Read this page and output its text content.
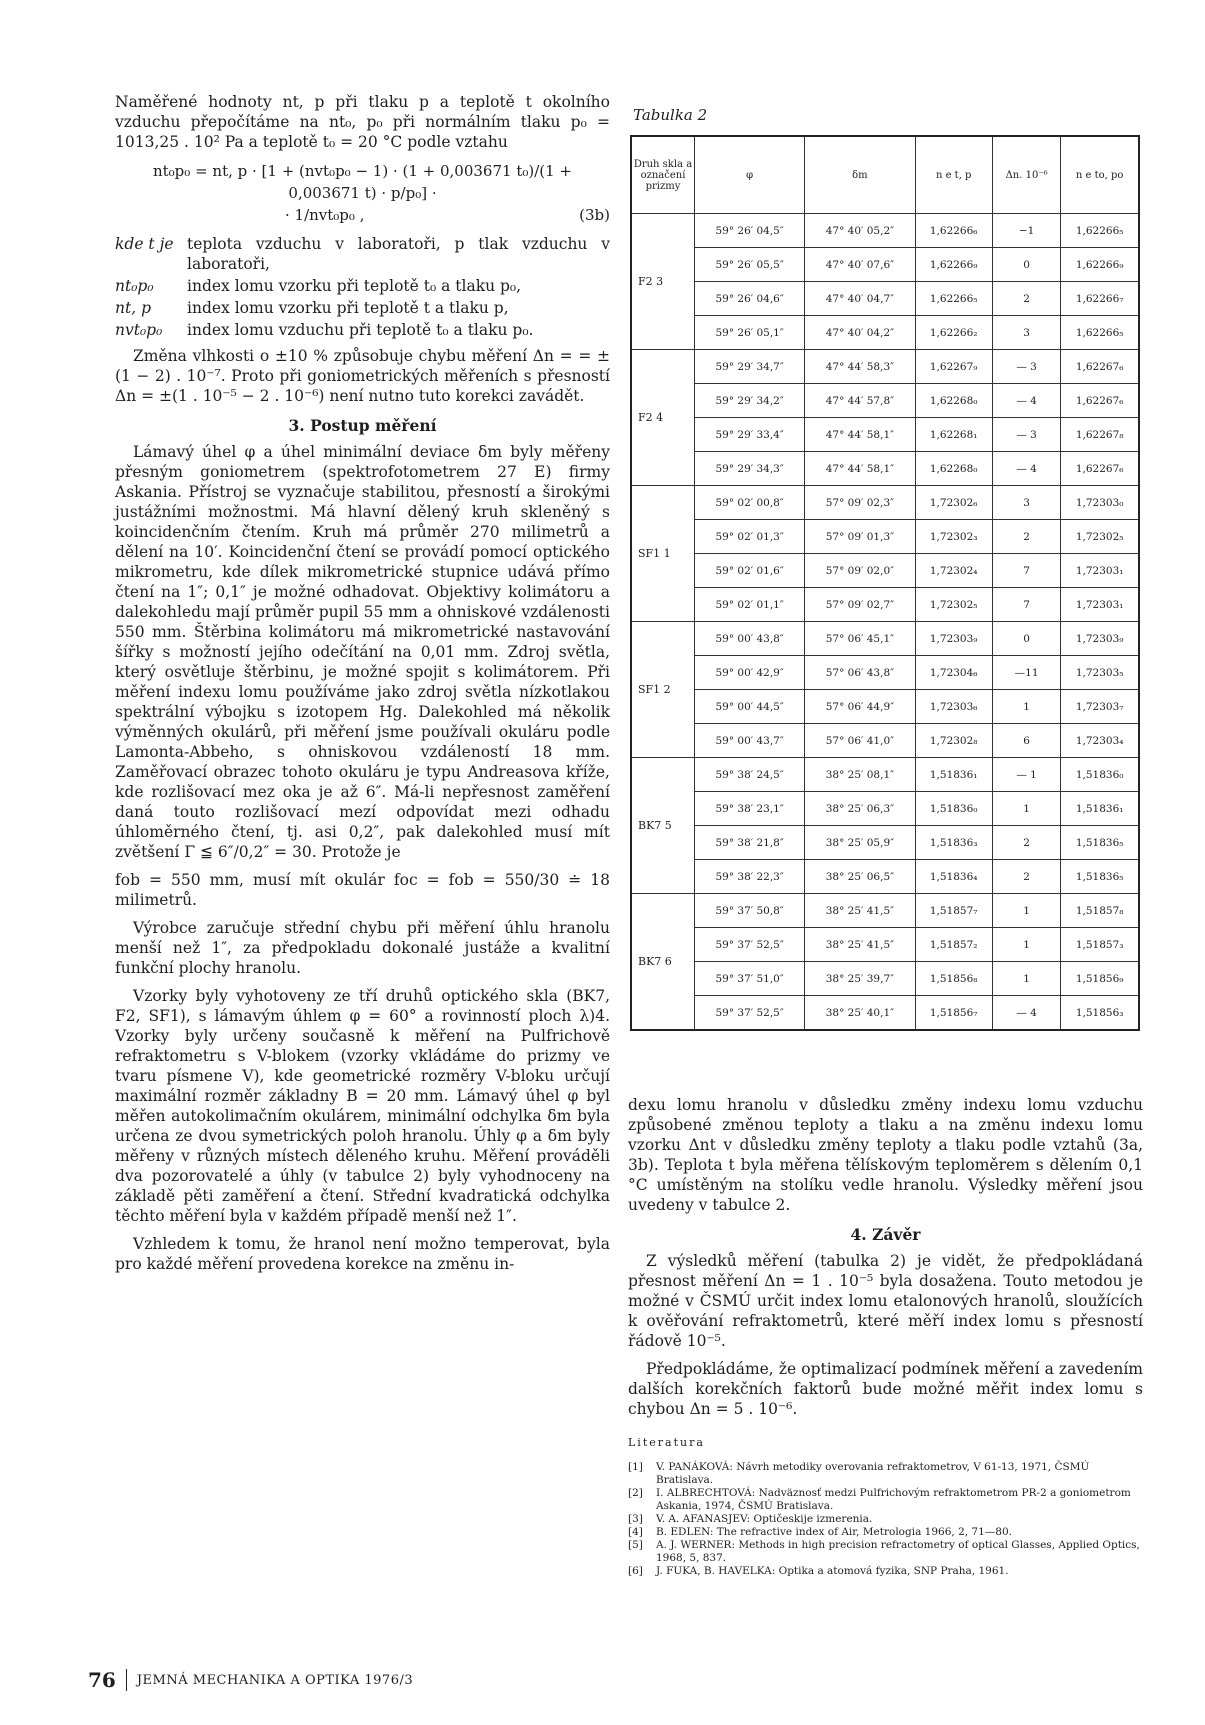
Naměřené hodnoty nt, p při tlaku p a teplotě t okolního vzduchu přepočítáme na nt₀, p₀ při normálním tlaku p₀ = 1013,25 . 10² Pa a teplotě t₀ = 20 °C podle vztahu

nt₀p₀ = nt, p · [1 + (nvt₀p₀ − 1) · (1 + 0,003671 t₀)/(1 + 0,003671 t) · p/p₀] ·
· 1/nvt₀p₀ ,	(3b)
kde t je teplota vzduchu v laboratoři, p tlak vzduchu v laboratoři,
nt₀p₀	index lomu vzorku při teplotě t₀ a tlaku p₀,
nt, p	index lomu vzorku při teplotě t a tlaku p,
nvt₀p₀	index lomu vzduchu při teplotě t₀ a tlaku p₀.

Změna vlhkosti o ±10 % způsobuje chybu měření Δn = = ±(1 − 2) . 10⁻⁷. Proto při goniometrických měřeních s přesností Δn = ±(1 . 10⁻⁵ − 2 . 10⁻⁶) není nutno tuto korekci zavádět.

3. Postup měření

Lámavý úhel φ a úhel minimální deviace δm byly měřeny přesným goniometrem (spektrofotometrem 27 E) firmy Askania. Přístroj se vyznačuje stabilitou, přesností a širokými justážními možnostmi. Má hlavní dělený kruh skleněný s koincidenčním čtením. Kruh má průměr 270 milimetrů a dělení na 10′. Koincidenční čtení se provádí pomocí optického mikrometru, kde dílek mikrometrické stupnice udává přímo čtení na 1″; 0,1″ je možné odhadovat. Objektivy kolimátoru a dalekohledu mají průměr pupil 55 mm a ohniskové vzdálenosti 550 mm. Štěrbina kolimátoru má mikrometrické nastavování šířky s možností jejího odečítání na 0,01 mm. Zdroj světla, který osvětluje štěrbinu, je možné spojit s kolimátorem. Při měření indexu lomu používáme jako zdroj světla nízkotlakou spektrální výbojku s izotopem Hg. Dalekohled má několik výměnných okulárů, při měření jsme používali okuláru podle Lamonta-Abbeho, s ohniskovou vzdáleností 18 mm. Zaměřovací obrazec tohoto okuláru je typu Andreasova kříže, kde rozlišovací mez oka je až 6″. Má-li nepřesnost zaměření daná touto rozlišovací mezí odpovídat mezi odhadu úhloměrného čtení, tj. asi 0,2″, pak dalekohled musí mít zvětšení Γ ≦ 6″/0,2″ = 30. Protože je

fob = 550 mm, musí mít okulár foc = fob = 550/30 ≐ 18 milimetrů.

Výrobce zaručuje střední chybu při měření úhlu hranolu menší než 1″, za předpokladu dokonalé justáže a kvalitní funkční plochy hranolu.

Vzorky byly vyhotoveny ze tří druhů optického skla (BK7, F2, SF1), s lámavým úhlem φ = 60° a rovinností ploch λ)4. Vzorky byly určeny současně k měření na Pulfrichově refraktometru s V-blokem (vzorky vkládáme do prizmy ve tvaru písmene V), kde geometrické rozměry V-bloku určují maximální rozměr základny B = 20 mm. Lámavý úhel φ byl měřen autokolimačním okulárem, minimální odchylka δm byla určena ze dvou symetrických poloh hranolu. Úhly φ a δm byly měřeny v různých místech děleného kruhu. Měření prováděli dva pozorovatelé a úhly (v tabulce 2) byly vyhodnoceny na základě pěti zaměření a čtení. Střední kvadratická odchylka těchto měření byla v každém případě menší než 1″.

Vzhledem k tomu, že hranol není možno temperovat, byla pro každé měření provedena korekce na změnu in-

Tabulka 2
Druh skla a označení prizmy	φ	δm	n e t, p	Δn. 10⁻⁶	n e to, po
F2 3	59° 26′ 04,5″	47° 40′ 05,2″	1,62266₆	−1	1,62266₅
	59° 26′ 05,5″	47° 40′ 07,6″	1,62266₉	0	1,62266₉
	59° 26′ 04,6″	47° 40′ 04,7″	1,62266₅	2	1,62266₇
	59° 26′ 05,1″	47° 40′ 04,2″	1,62266₂	3	1,62266₅
F2 4	59° 29′ 34,7″	47° 44′ 58,3″	1,62267₉	— 3	1,62267₆
	59° 29′ 34,2″	47° 44′ 57,8″	1,62268₀	— 4	1,62267₆
	59° 29′ 33,4″	47° 44′ 58,1″	1,62268₁	— 3	1,62267₈
	59° 29′ 34,3″	47° 44′ 58,1″	1,62268₀	— 4	1,62267₆
SF1 1	59° 02′ 00,8″	57° 09′ 02,3″	1,72302₆	3	1,72303₀
	59° 02′ 01,3″	57° 09′ 01,3″	1,72302₃	2	1,72302₅
	59° 02′ 01,6″	57° 09′ 02,0″	1,72302₄	7	1,72303₁
	59° 02′ 01,1″	57° 09′ 02,7″	1,72302₅	7	1,72303₁
SF1 2	59° 00′ 43,8″	57° 06′ 45,1″	1,72303₉	0	1,72303₉
	59° 00′ 42,9″	57° 06′ 43,8″	1,72304₆	—11	1,72303₅
	59° 00′ 44,5″	57° 06′ 44,9″	1,72303₆	1	1,72303₇
	59° 00′ 43,7″	57° 06′ 41,0″	1,72302₈	6	1,72303₄
BK7 5	59° 38′ 24,5″	38° 25′ 08,1″	1,51836₁	— 1	1,51836₀
	59° 38′ 23,1″	38° 25′ 06,3″	1,51836₀	1	1,51836₁
	59° 38′ 21,8″	38° 25′ 05,9″	1,51836₃	2	1,51836₅
	59° 38′ 22,3″	38° 25′ 06,5″	1,51836₄	2	1,51836₅
BK7 6	59° 37′ 50,8″	38° 25′ 41,5″	1,51857₇	1	1,51857₈
	59° 37′ 52,5″	38° 25′ 41,5″	1,51857₂	1	1,51857₃
	59° 37′ 51,0″	38° 25′ 39,7″	1,51856₈	1	1,51856₉
	59° 37′ 52,5″	38° 25′ 40,1″	1,51856₇	— 4	1,51856₃

dexu lomu hranolu v důsledku změny indexu lomu vzduchu způsobené změnou teploty a tlaku a na změnu indexu lomu vzorku Δnt v důsledku změny teploty a tlaku podle vztahů (3a, 3b). Teplota t byla měřena tělískovým teploměrem s dělením 0,1 °C umístěným na stolíku vedle hranolu. Výsledky měření jsou uvedeny v tabulce 2.

4. Závěr

Z výsledků měření (tabulka 2) je vidět, že předpokládaná přesnost měření Δn = 1 . 10⁻⁵ byla dosažena. Touto metodou je možné v ČSMÚ určit index lomu etalonových hranolů, sloužících k ověřování refraktometrů, které měří index lomu s přesností řádově 10⁻⁵.

Předpokládáme, že optimalizací podmínek měření a zavedením dalších korekčních faktorů bude možné měřit index lomu s chybou Δn = 5 . 10⁻⁶.

Literatura
[1]	V. PANÁKOVÁ: Návrh metodiky overovania refraktometrov, V 61-13, 1971, ČSMÚ Bratislava.
[2]	I. ALBRECHTOVÁ: Nadväznosť medzi Pulfrichovým refraktometrom PR-2 a goniometrom Askania, 1974, ČSMÚ Bratislava.
[3]	V. A. AFANASJEV: Optičeskije izmerenia.
[4]	B. EDLEN: The refractive index of Air, Metrologia 1966, 2, 71—80.
[5]	A. J. WERNER: Methods in high precision refractometry of optical Glasses, Applied Optics, 1968, 5, 837.
[6]	J. FUKA, B. HAVELKA: Optika a atomová fyzika, SNP Praha, 1961.
76 JEMNÁ MECHANIKA A OPTIKA 1976/3
